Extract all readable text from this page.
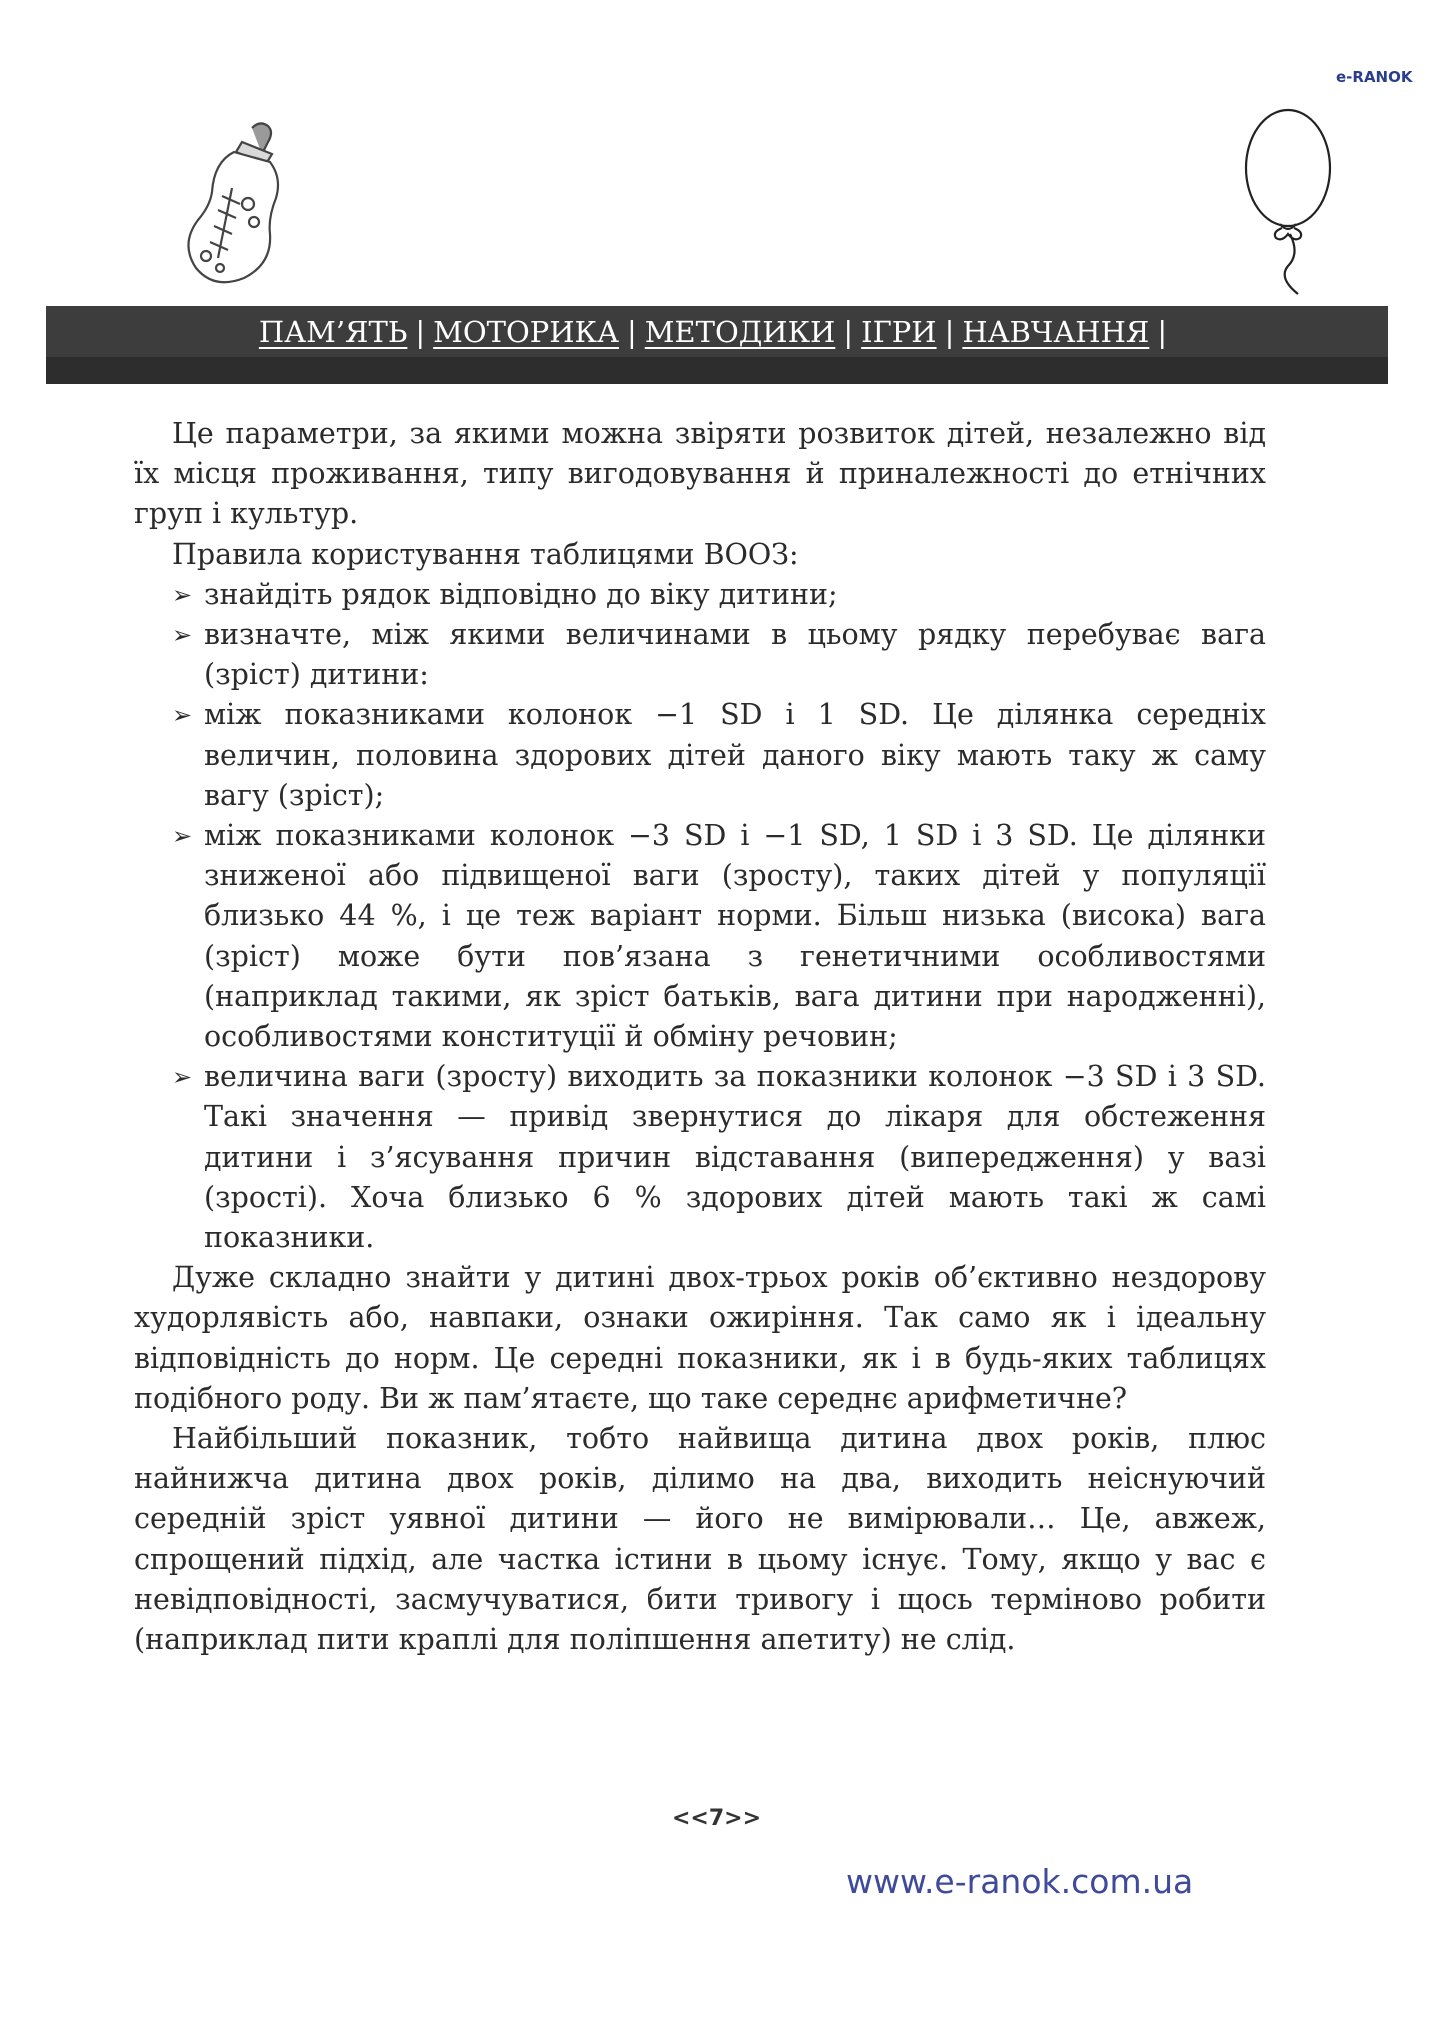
e-RANOK
ПАМ’ЯТЬ | МОТОРИКА | МЕТОДИКИ | ІГРИ | НАВЧАННЯ |

Це параметри, за якими можна звіряти розвиток дітей, незалежно від їх місця проживання, типу вигодовування й приналежності до етнічних груп і культур.

Правила користування таблицями ВООЗ:

➢ знайдіть рядок відповідно до віку дитини;
➢ визначте, між якими величинами в цьому рядку перебуває вага (зріст) дитини:
➢ між показниками колонок −1 SD і 1 SD. Це ділянка середніх величин, половина здорових дітей даного віку мають таку ж саму вагу (зріст);
➢ між показниками колонок −3 SD і −1 SD, 1 SD і 3 SD. Це ділянки зниженої або підвищеної ваги (зросту), таких дітей у популяції близько 44 %, і це теж варіант норми. Більш низька (висока) вага (зріст) може бути пов’язана з генетичними особливостями (наприклад такими, як зріст батьків, вага дитини при народженні), особливостями конституції й обміну речовин;
➢ величина ваги (зросту) виходить за показники колонок −3 SD і 3 SD. Такі значення — привід звернутися до лікаря для обстеження дитини і з’ясування причин відставання (випередження) у вазі (зрості). Хоча близько 6 % здорових дітей мають такі ж самі показники.

Дуже складно знайти у дитині двох-трьох років об’єктивно нездорову худорлявість або, навпаки, ознаки ожиріння. Так само як і ідеальну відповідність до норм. Це середні показники, як і в будь-яких таблицях подібного роду. Ви ж пам’ятаєте, що таке середнє арифметичне?

Найбільший показник, тобто найвища дитина двох років, плюс найнижча дитина двох років, ділимо на два, виходить неіснуючий середній зріст уявної дитини — його не вимірювали… Це, авжеж, спрощений підхід, але частка істини в цьому існує. Тому, якщо у вас є невідповідності, засмучуватися, бити тривогу і щось терміново робити (наприклад пити краплі для поліпшення апетиту) не слід.

<<7>>
www.e-ranok.com.ua
